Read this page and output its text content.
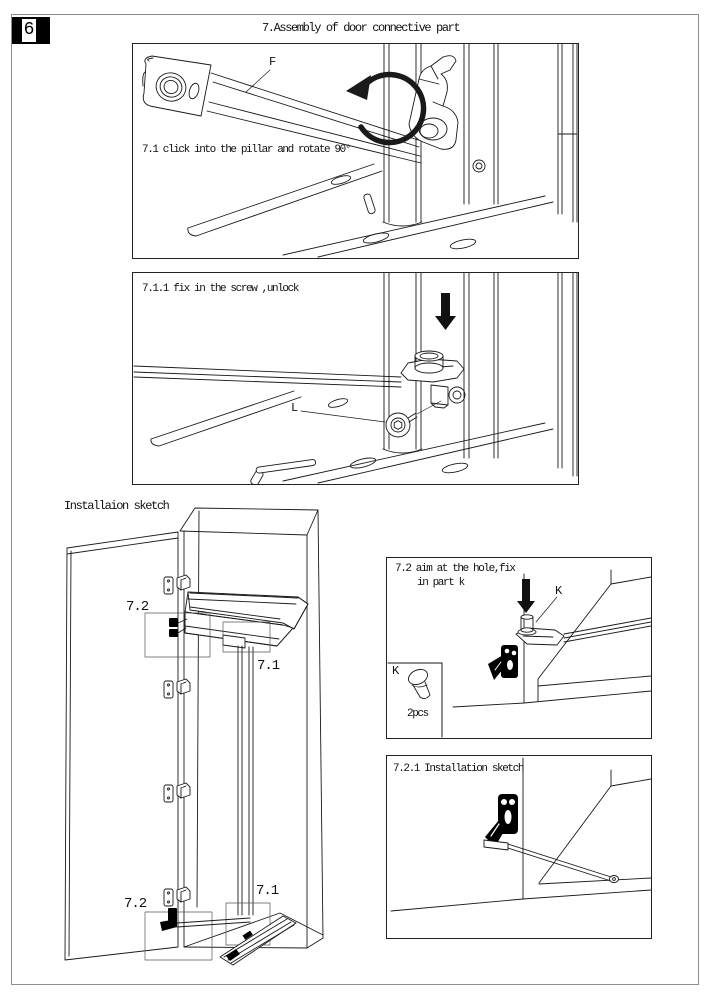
6	7.Assembly of door connective part
F
7.1 click into the pillar and rotate 90°
7.1.1 fix in the screw ,unlock
L
Installaion sketch
7.2
7.1
7.2
7.1
7.2 aim at the hole,fix
in part k
K
K
2pcs
7.2.1 Installation sketch
